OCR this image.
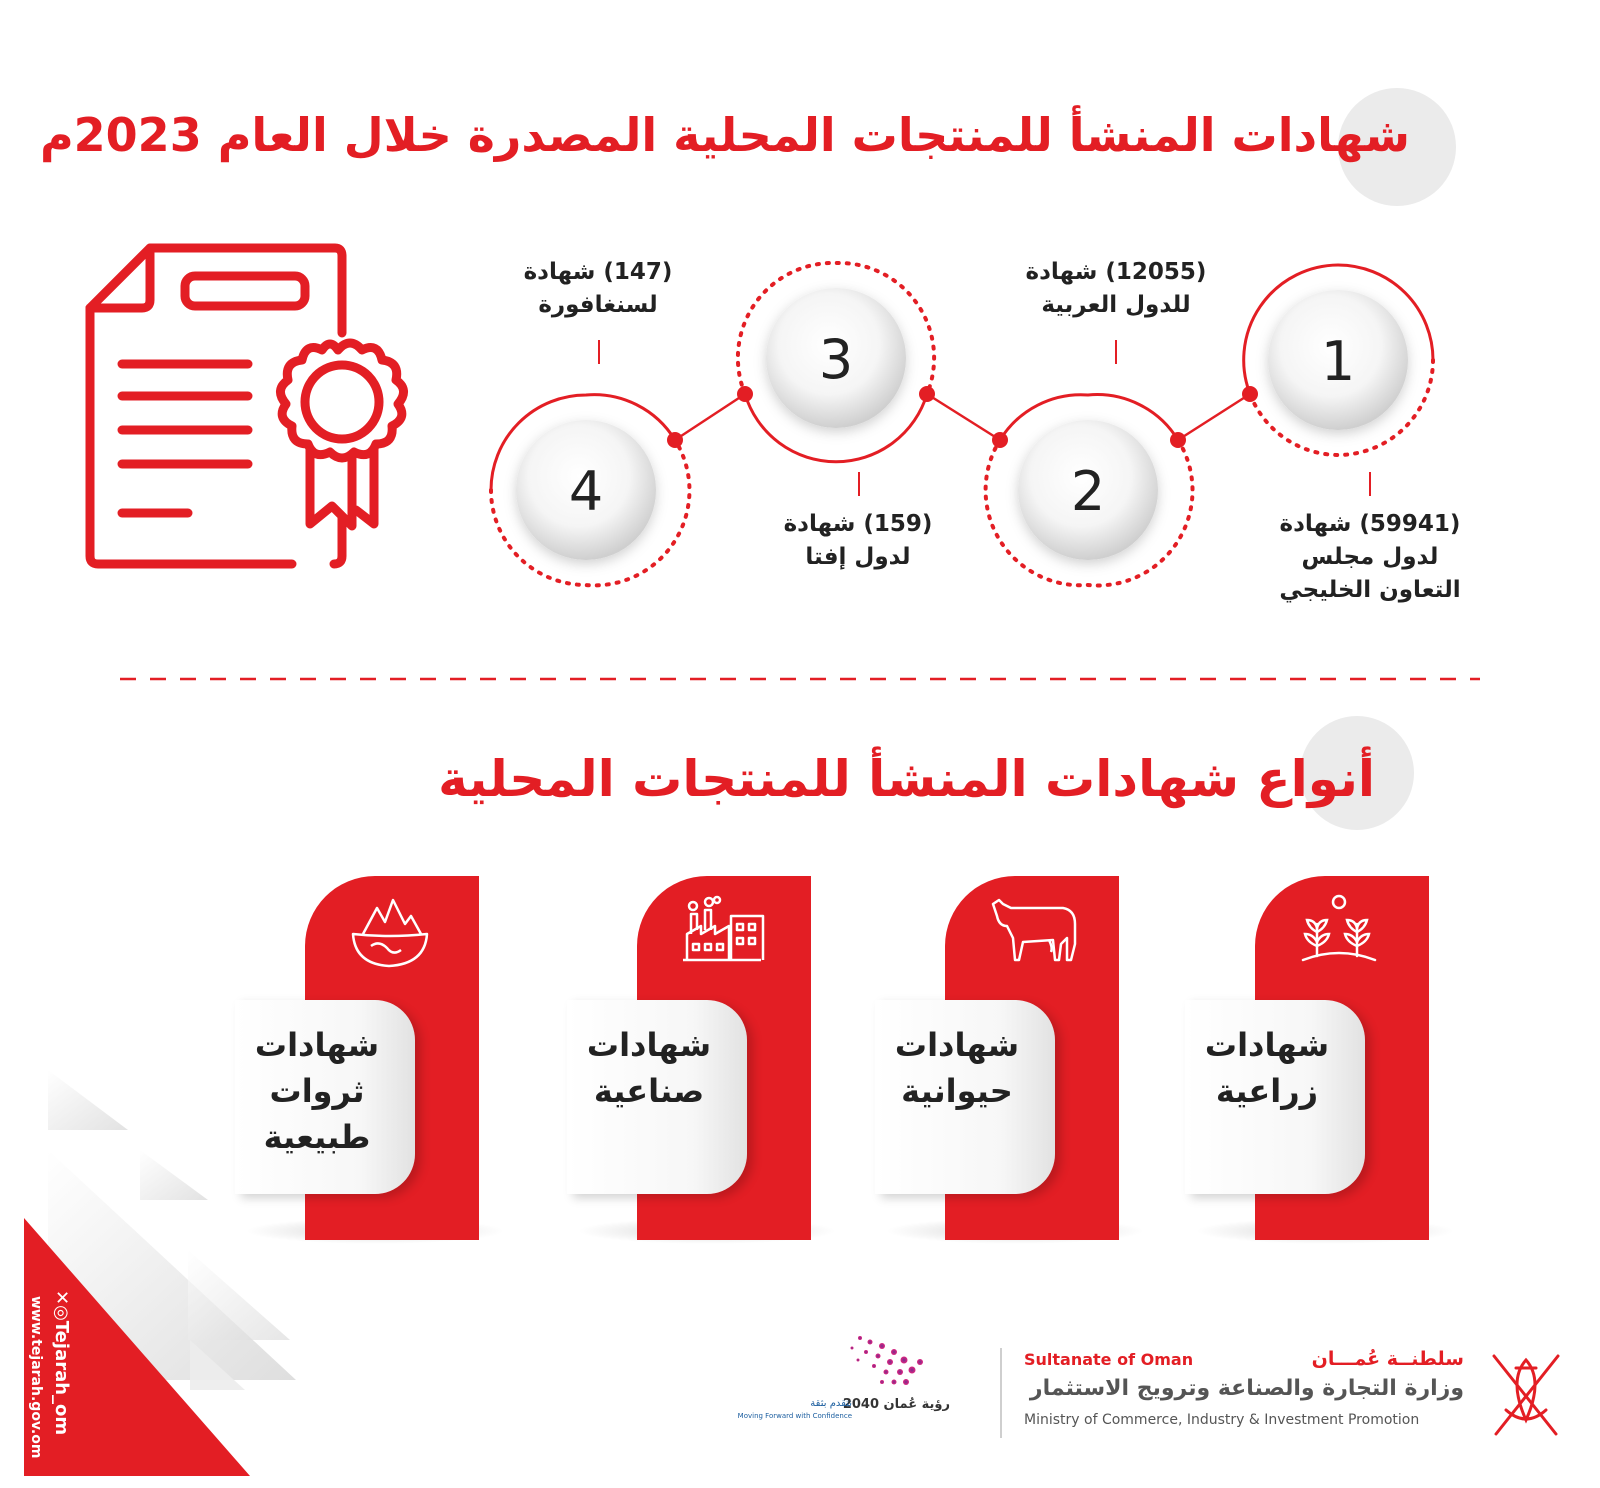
شهادات المنشأ للمنتجات المحلية المصدرة خلال العام 2023م
1
2
3
4
(59941) شهادة
لدول مجلس
التعاون الخليجي
(12055) شهادة
للدول العربية
(159) شهادة
لدول إفتا
(147) شهادة
لسنغافورة
أنواع شهادات المنشأ للمنتجات المحلية
✕◎Tejarah_om
www.tejarah.gov.om
شهادات
زراعية
شهادات
حيوانية
شهادات
صناعية
شهادات
ثروات
طبيعية
رؤية عُمان 2040
نتقدم بثقة
Moving Forward with Confidence
Sultanate of Oman	سلطنــة عُمـــان
وزارة التجارة والصناعة وترويج الاستثمار
Ministry of Commerce, Industry & Investment Promotion
